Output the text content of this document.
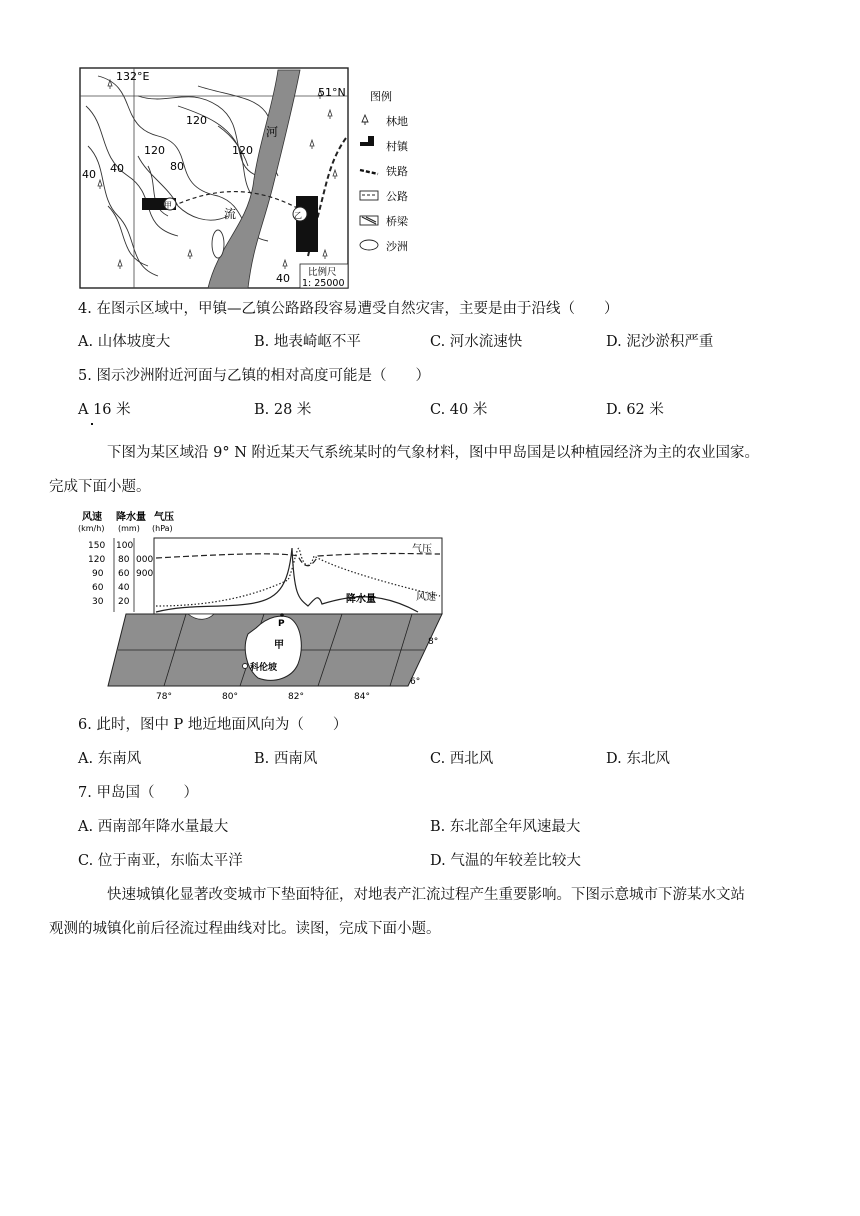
132°E
51°N
120
120	120
80
40 40
40
河
流
甲
乙
比例尺
1: 25000
图例
林地
村镇
铁路
公路
桥梁
沙洲
4. 在图示区域中，甲镇—乙镇公路路段容易遭受自然灾害，主要是由于沿线（　　）
A. 山体坡度大	B. 地表崎岖不平	C. 河水流速快	D. 泥沙淤积严重
5. 图示沙洲附近河面与乙镇的相对高度可能是（　　）
A 16 米	B. 28 米	C. 40 米	D. 62 米
下图为某区域沿 9° N 附近某天气系统某时的气象材料，图中甲岛国是以种植园经济为主的农业国家。
完成下面小题。
风速
(km/h)
降水量
(mm)
气压
(hPa)
150
120
90
60
30
100
80
60
40
20
000
900
气压
降水量	风速
P
甲
科伦坡
78°	80°	82°	84°
8°
6°
6. 此时，图中 P 地近地面风向为（　　）
A. 东南风	B. 西南风	C. 西北风	D. 东北风
7. 甲岛国（　　）
A. 西南部年降水量最大	B. 东北部全年风速最大
C. 位于南亚，东临太平洋	D. 气温的年较差比较大
快速城镇化显著改变城市下垫面特征，对地表产汇流过程产生重要影响。下图示意城市下游某水文站
观测的城镇化前后径流过程曲线对比。读图，完成下面小题。
